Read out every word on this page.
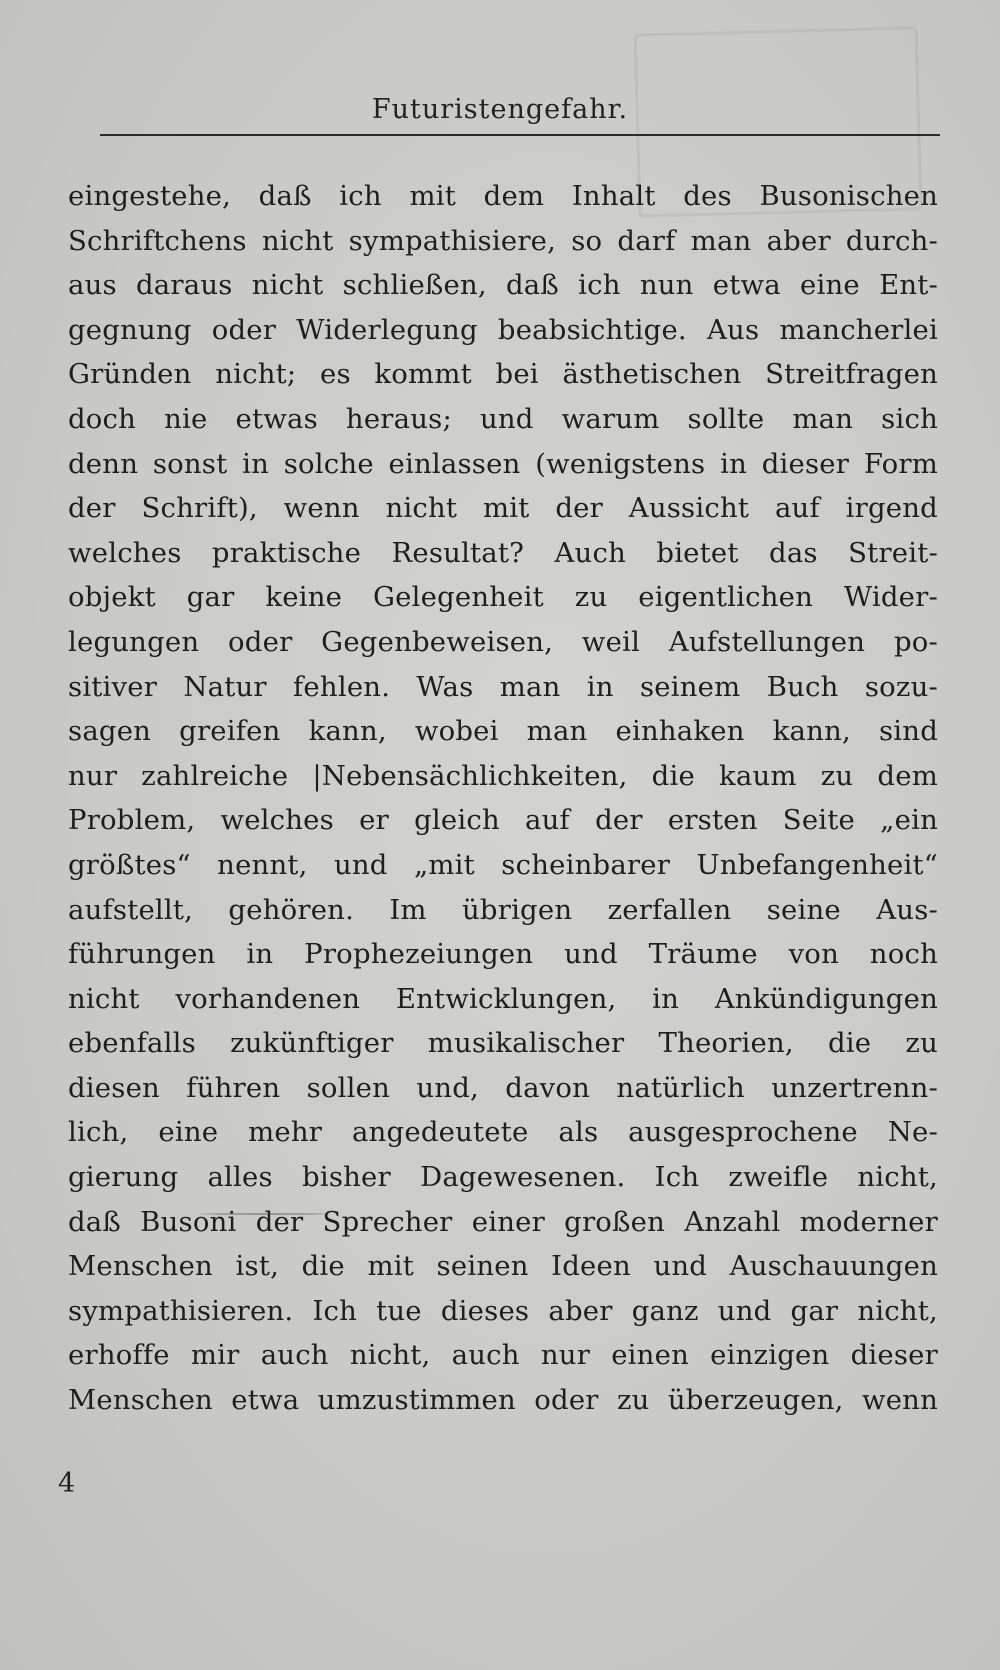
Futuristengefahr.
eingestehe, daß ich mit dem Inhalt des Busonischen
Schriftchens nicht sympathisiere, so darf man aber durch-
aus daraus nicht schließen, daß ich nun etwa eine Ent-
gegnung oder Widerlegung beabsichtige. Aus mancherlei
Gründen nicht; es kommt bei ästhetischen Streitfragen
doch nie etwas heraus; und warum sollte man sich
denn sonst in solche einlassen (wenigstens in dieser Form
der Schrift), wenn nicht mit der Aussicht auf irgend
welches praktische Resultat? Auch bietet das Streit-
objekt gar keine Gelegenheit zu eigentlichen Wider-
legungen oder Gegenbeweisen, weil Aufstellungen po-
sitiver Natur fehlen. Was man in seinem Buch sozu-
sagen greifen kann, wobei man einhaken kann, sind
nur zahlreiche |Nebensächlichkeiten, die kaum zu dem
Problem, welches er gleich auf der ersten Seite „ein
größtes“ nennt, und „mit scheinbarer Unbefangenheit“
aufstellt, gehören. Im übrigen zerfallen seine Aus-
führungen in Prophezeiungen und Träume von noch
nicht vorhandenen Entwicklungen, in Ankündigungen
ebenfalls zukünftiger musikalischer Theorien, die zu
diesen führen sollen und, davon natürlich unzertrenn-
lich, eine mehr angedeutete als ausgesprochene Ne-
gierung alles bisher Dagewesenen. Ich zweifle nicht,
daß Busoni der Sprecher einer großen Anzahl moderner
Menschen ist, die mit seinen Ideen und Auschauungen
sympathisieren. Ich tue dieses aber ganz und gar nicht,
erhoffe mir auch nicht, auch nur einen einzigen dieser
Menschen etwa umzustimmen oder zu überzeugen, wenn
4
